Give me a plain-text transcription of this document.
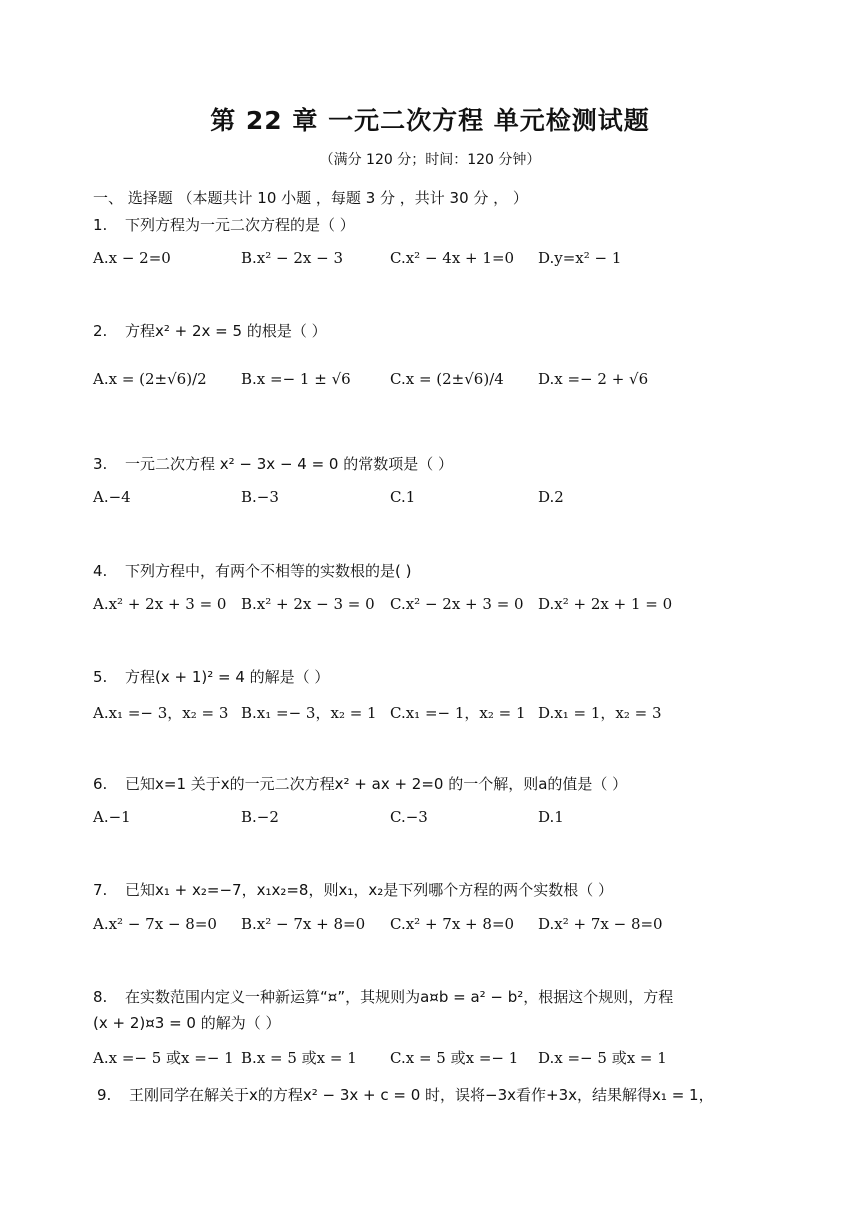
第 22 章 一元二次方程 单元检测试题
（满分 120 分；时间：120 分钟）
一、 选择题 （本题共计 10 小题 ，每题 3 分 ，共计 30 分 ， ）
1. 下列方程为一元二次方程的是（ ）
A.x − 2=0	B.x² − 2x − 3	C.x² − 4x + 1=0 D.y=x² − 1
2. 方程x² + 2x = 5 的根是（ ）
A.x = (2±√6)/2 B.x =− 1 ± √6	C.x = (2±√6)/4 D.x =− 2 + √6
3. 一元二次方程 x² − 3x − 4 = 0 的常数项是（ ）
A.−4	B.−3	C.1	D.2
4. 下列方程中，有两个不相等的实数根的是( )
A.x² + 2x + 3 = 0 B.x² + 2x − 3 = 0 C.x² − 2x + 3 = 0 D.x² + 2x + 1 = 0
5. 方程(x + 1)² = 4 的解是（ ）
A.x₁ =− 3，x₂ = 3 B.x₁ =− 3，x₂ = 1 C.x₁ =− 1，x₂ = 1 D.x₁ = 1，x₂ = 3
6. 已知x=1 关于x的一元二次方程x² + ax + 2=0 的一个解，则a的值是（ ）
A.−1	B.−2	C.−3	D.1
7. 已知x₁ + x₂=−7，x₁x₂=8，则x₁，x₂是下列哪个方程的两个实数根（ ）
A.x² − 7x − 8=0 B.x² − 7x + 8=0 C.x² + 7x + 8=0 D.x² + 7x − 8=0
8. 在实数范围内定义一种新运算“¤”，其规则为a¤b = a² − b²，根据这个规则，方程
(x + 2)¤3 = 0 的解为（ ）
A.x =− 5 或x =− 1 B.x = 5 或x = 1 C.x = 5 或x =− 1 D.x =− 5 或x = 1
9. 王刚同学在解关于x的方程x² − 3x + c = 0 时，误将−3x看作+3x，结果解得x₁ = 1，
